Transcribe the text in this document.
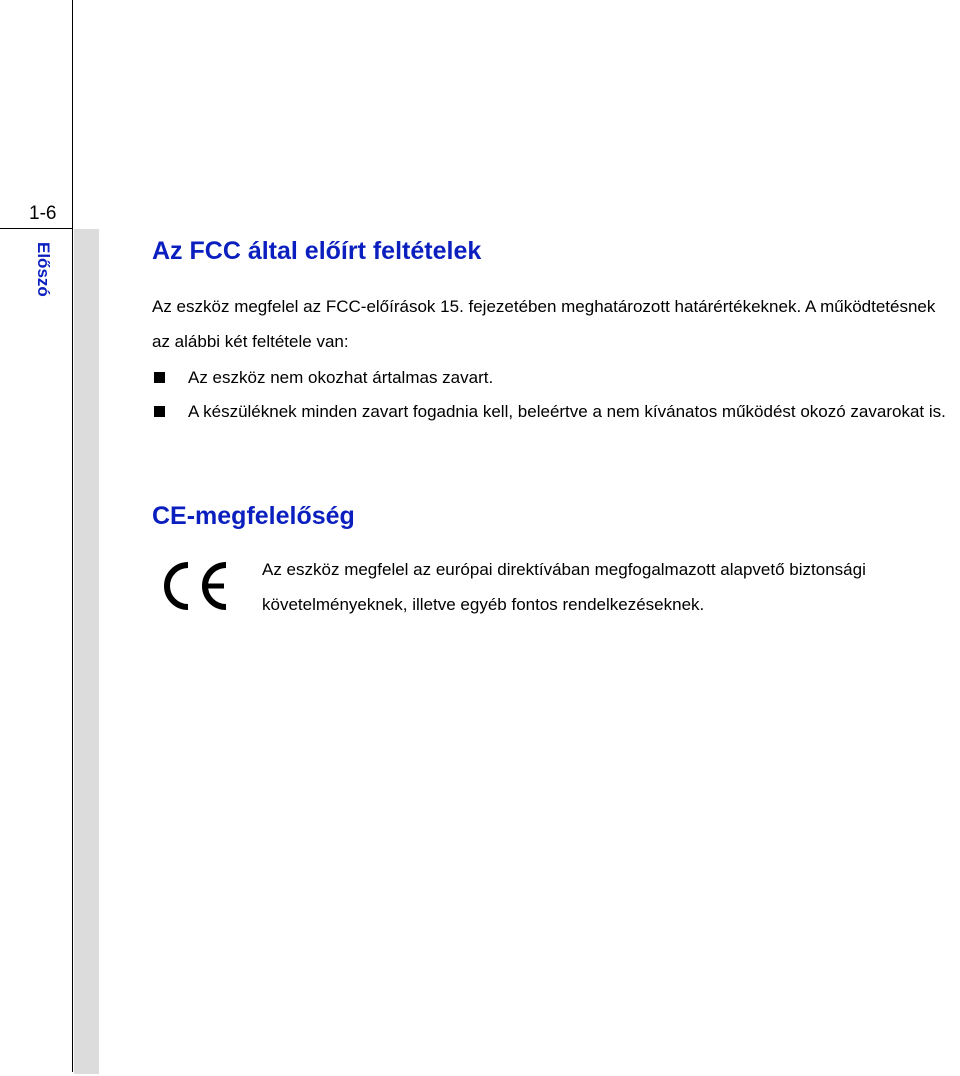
1-6
Előszó	Az FCC által előírt feltételek
Az eszköz megfelel az FCC-előírások 15. fejezetében meghatározott határértékeknek. A működtetésnek az alábbi két feltétele van:
Az eszköz nem okozhat ártalmas zavart.
A készüléknek minden zavart fogadnia kell, beleértve a nem kívánatos működést okozó zavarokat is.
CE-megfelelőség
Az eszköz megfelel az európai direktívában megfogalmazott alapvető biztonsági követelményeknek, illetve egyéb fontos rendelkezéseknek.
